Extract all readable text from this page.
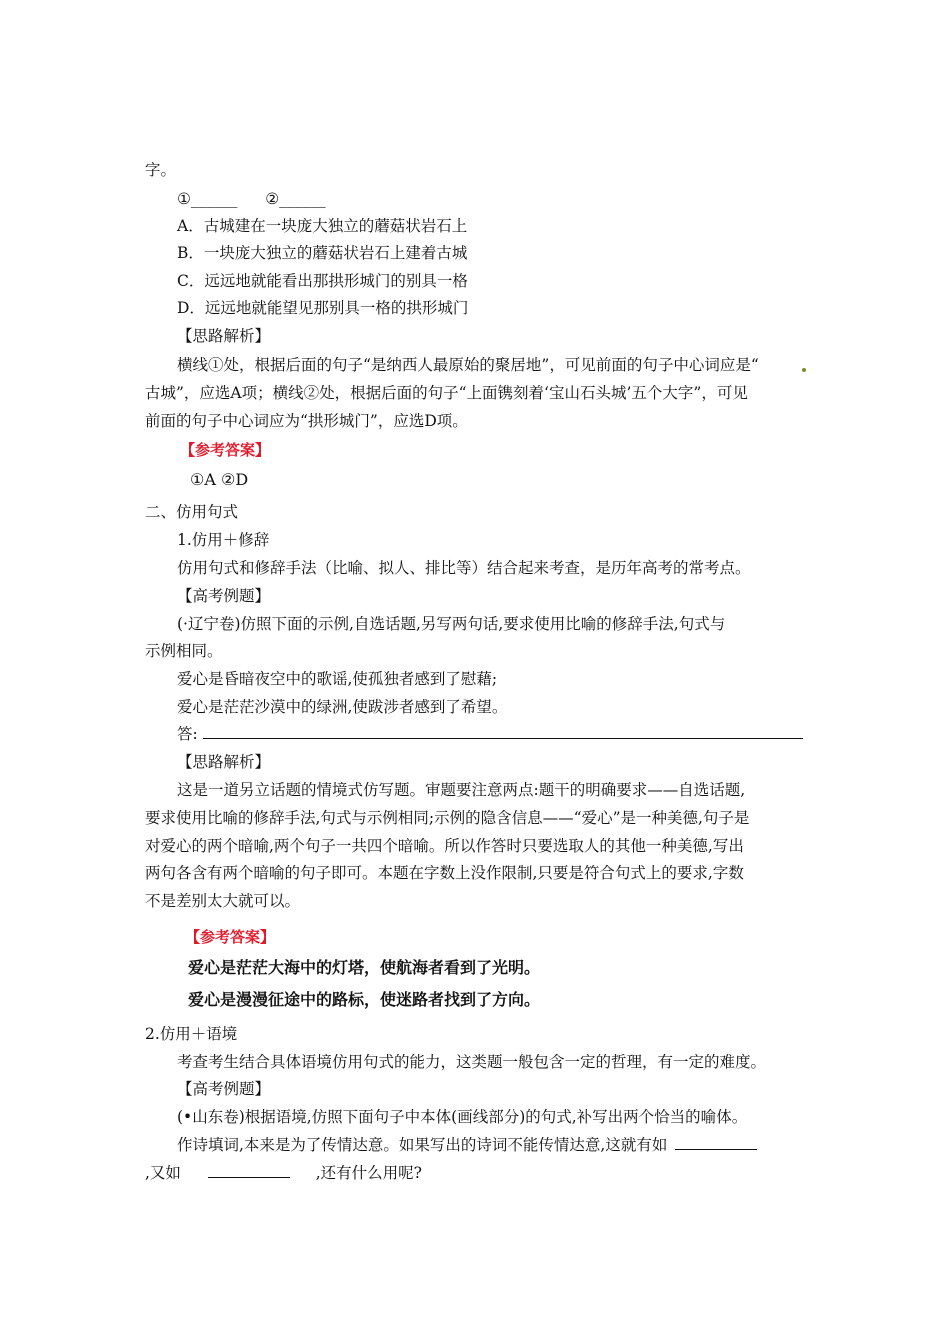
字。
①______ ②______
A．古城建在一块庞大独立的蘑菇状岩石上
B．一块庞大独立的蘑菇状岩石上建着古城
C．远远地就能看出那拱形城门的别具一格
D．远远地就能望见那别具一格的拱形城门
【思路解析】
横线①处，根据后面的句子“是纳西人最原始的聚居地”，可见前面的句子中心词应是“
古城”，应选A项；横线②处，根据后面的句子“上面镌刻着‘宝山石头城’五个大字”，可见
前面的句子中心词应为“拱形城门”，应选D项。
【参考答案】
①A ②D
二、仿用句式
1.仿用＋修辞
仿用句式和修辞手法（比喻、拟人、排比等）结合起来考查，是历年高考的常考点。
【高考例题】
(·辽宁卷)仿照下面的示例,自选话题,另写两句话,要求使用比喻的修辞手法,句式与
示例相同。
爱心是昏暗夜空中的歌谣,使孤独者感到了慰藉;
爱心是茫茫沙漠中的绿洲,使跋涉者感到了希望。
答:
【思路解析】
这是一道另立话题的情境式仿写题。审题要注意两点:题干的明确要求——自选话题,
要求使用比喻的修辞手法,句式与示例相同;示例的隐含信息——“爱心”是一种美德,句子是
对爱心的两个暗喻,两个句子一共四个暗喻。所以作答时只要选取人的其他一种美德,写出
两句各含有两个暗喻的句子即可。本题在字数上没作限制,只要是符合句式上的要求,字数
不是差别太大就可以。
【参考答案】
爱心是茫茫大海中的灯塔，使航海者看到了光明。
爱心是漫漫征途中的路标，使迷路者找到了方向。
2.仿用＋语境
考查考生结合具体语境仿用句式的能力，这类题一般包含一定的哲理，有一定的难度。
【高考例题】
(•山东卷)根据语境,仿照下面句子中本体(画线部分)的句式,补写出两个恰当的喻体。
作诗填词,本来是为了传情达意。如果写出的诗词不能传情达意,这就有如
,又如	,还有什么用呢?
